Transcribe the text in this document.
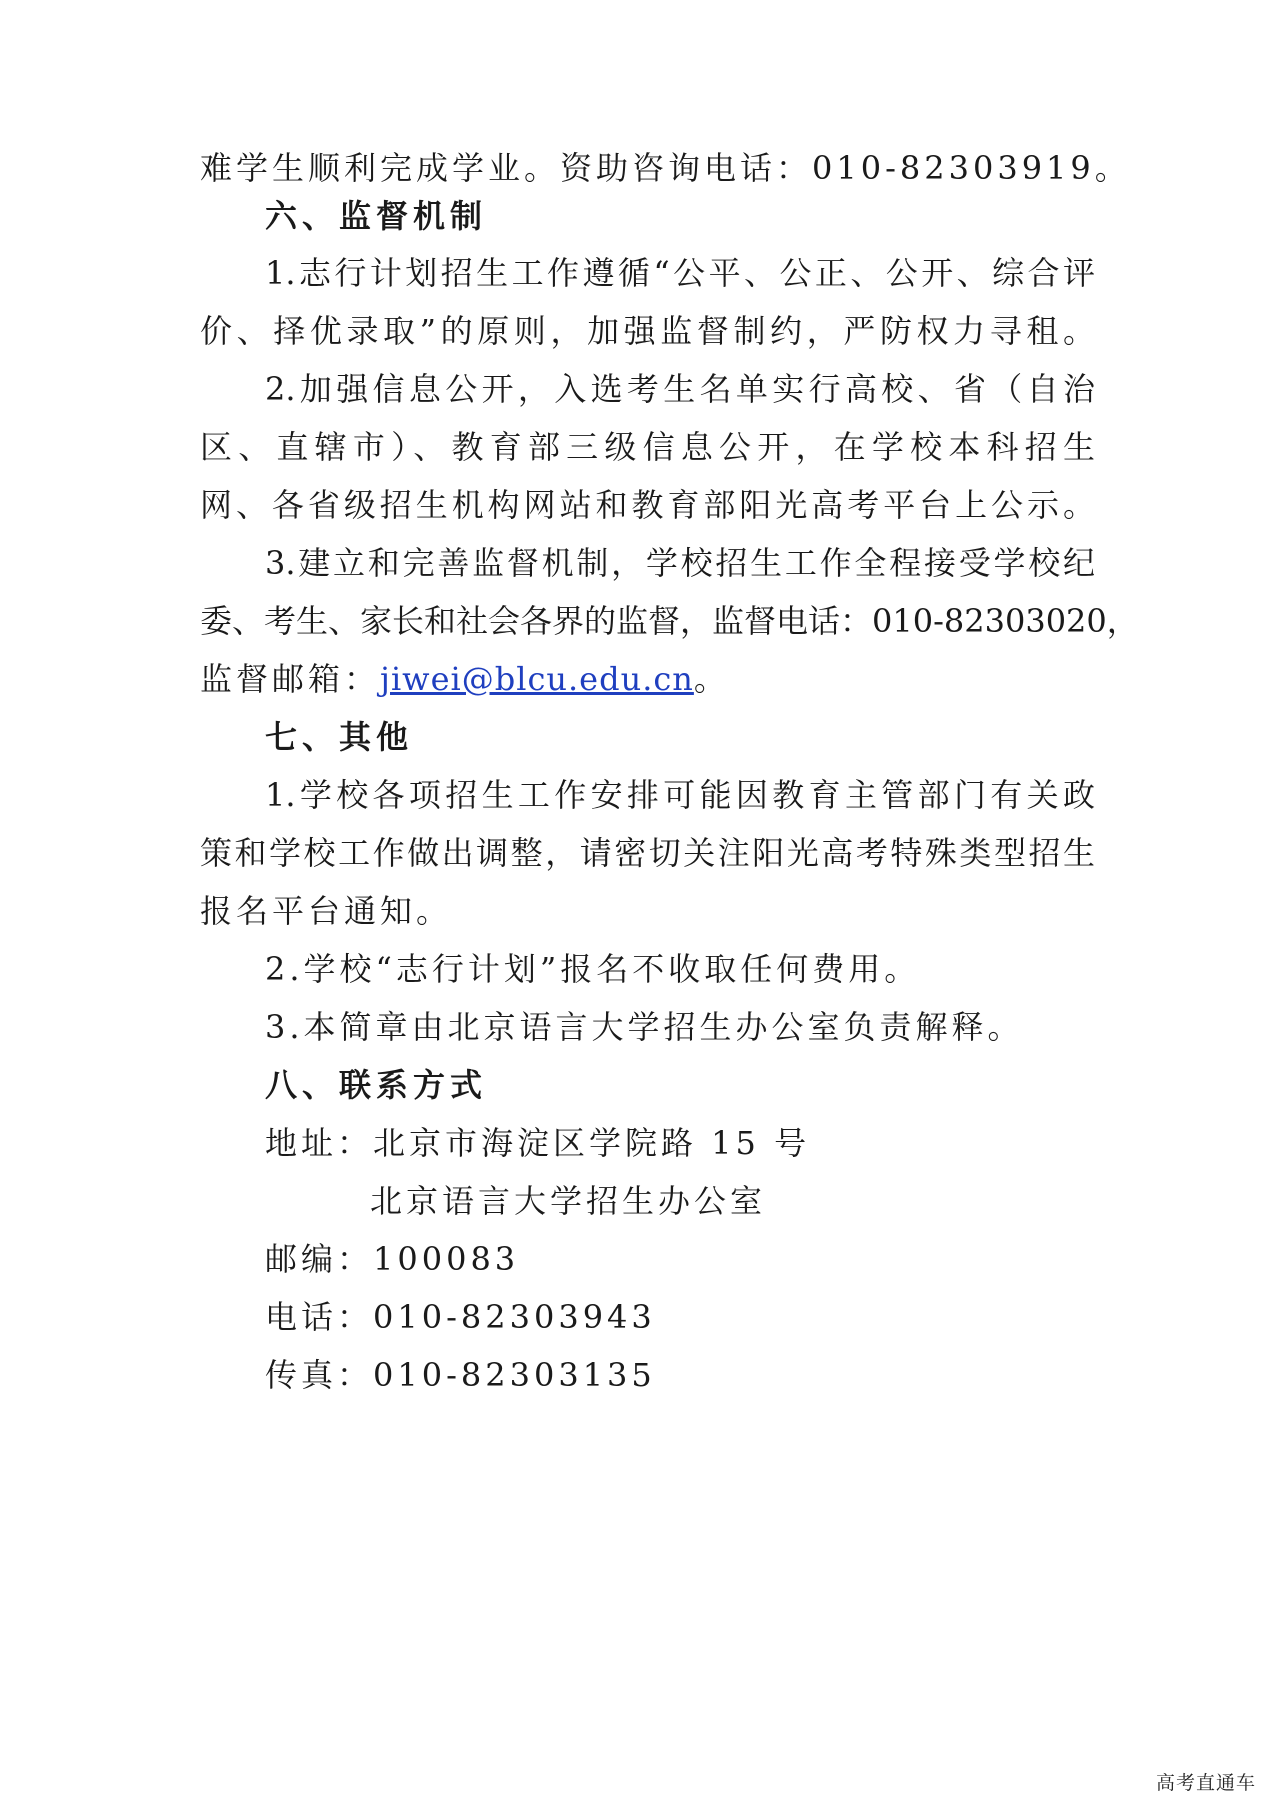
难学生顺利完成学业。资助咨询电话：010-82303919。
六、监督机制
1.志行计划招生工作遵循“公平、公正、公开、综合评
价、择优录取”的原则，加强监督制约，严防权力寻租。
2.加强信息公开，入选考生名单实行高校、省（自治
区、直辖市）、教育部三级信息公开，在学校本科招生
网、各省级招生机构网站和教育部阳光高考平台上公示。
3.建立和完善监督机制，学校招生工作全程接受学校纪
委、考生、家长和社会各界的监督，监督电话：010-82303020，
监督邮箱：jiwei@blcu.edu.cn。
七、其他
1.学校各项招生工作安排可能因教育主管部门有关政
策和学校工作做出调整，请密切关注阳光高考特殊类型招生
报名平台通知。
2.学校“志行计划”报名不收取任何费用。
3.本简章由北京语言大学招生办公室负责解释。
八、联系方式
地址：北京市海淀区学院路 15 号
北京语言大学招生办公室
邮编：100083
电话：010-82303943
传真：010-82303135
高考直通车
